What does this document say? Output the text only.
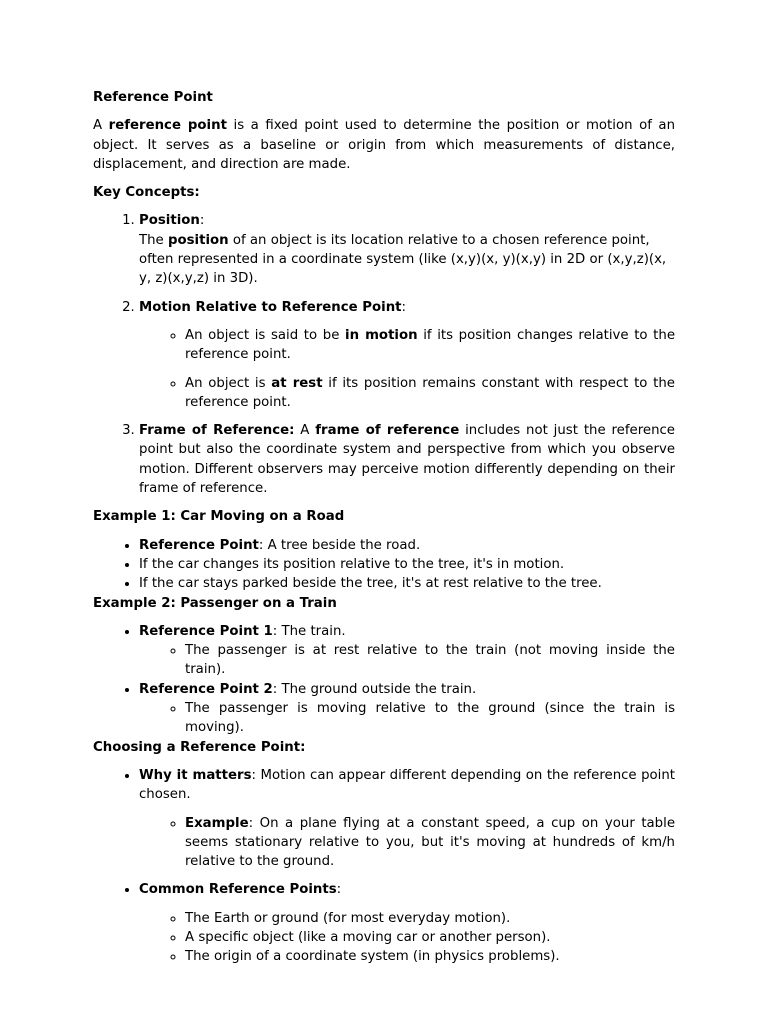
Reference Point

A reference point is a fixed point used to determine the position or motion of an object. It serves as a baseline or origin from which measurements of distance, displacement, and direction are made.

Key Concepts:

1. Position:
The position of an object is its location relative to a chosen reference point, often represented in a coordinate system (like (x,y)(x, y)(x,y) in 2D or (x,y,z)(x, y, z)(x,y,z) in 3D).
2. Motion Relative to Reference Point:
◦ An object is said to be in motion if its position changes relative to the reference point.
◦ An object is at rest if its position remains constant with respect to the reference point.
3. Frame of Reference: A frame of reference includes not just the reference point but also the coordinate system and perspective from which you observe motion. Different observers may perceive motion differently depending on their frame of reference.

Example 1: Car Moving on a Road

• Reference Point: A tree beside the road.
• If the car changes its position relative to the tree, it's in motion.
• If the car stays parked beside the tree, it's at rest relative to the tree.

Example 2: Passenger on a Train

• Reference Point 1: The train.
◦ The passenger is at rest relative to the train (not moving inside the train).
• Reference Point 2: The ground outside the train.
◦ The passenger is moving relative to the ground (since the train is moving).

Choosing a Reference Point:

• Why it matters: Motion can appear different depending on the reference point chosen.
◦ Example: On a plane flying at a constant speed, a cup on your table seems stationary relative to you, but it's moving at hundreds of km/h relative to the ground.
• Common Reference Points:
◦ The Earth or ground (for most everyday motion).
◦ A specific object (like a moving car or another person).
◦ The origin of a coordinate system (in physics problems).
